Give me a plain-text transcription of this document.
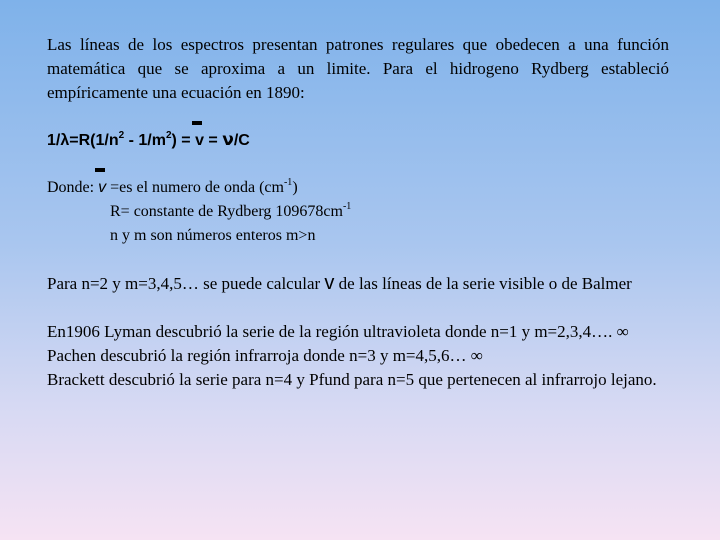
Las líneas de los espectros presentan patrones regulares que obedecen a una función matemática que se aproxima a un limite. Para el hidrogeno Rydberg estableció empíricamente una ecuación en 1890:

$1/\lambda=R(1/n^2 - 1/m^2)$ =
v = ν/C
Donde:
v =es el numero de onda $(cm^{-1})$
R= constante de Rydberg $109678cm^{-1}$
n y m son números enteros m>n

Para n=2 y m=3,4,5… se puede calcular v de las líneas de la serie visible o de Balmer

En1906 Lyman descubrió la serie de la región ultravioleta donde n=1 y m=2,3,4…. ∞

Pachen descubrió la región infrarroja donde n=3 y m=4,5,6… ∞

Brackett descubrió la serie para n=4 y Pfund para n=5 que pertenecen al infrarrojo lejano.
